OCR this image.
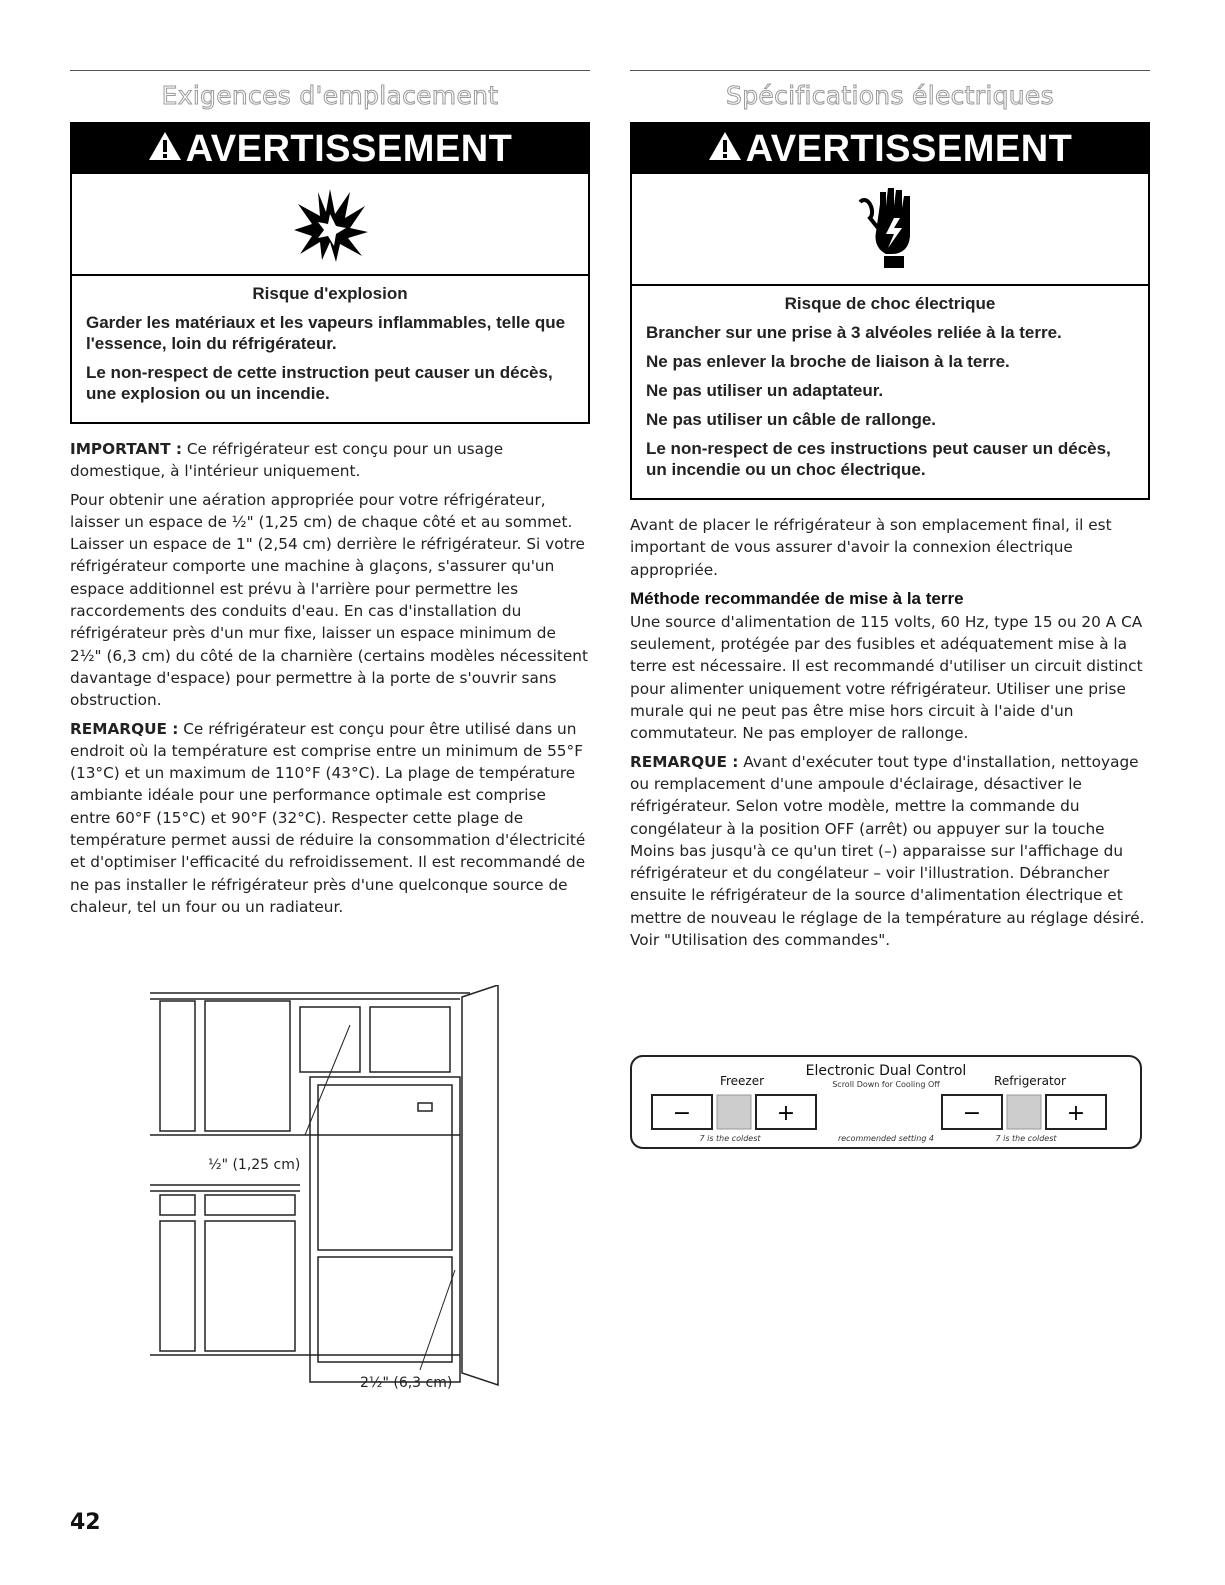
Exigences d'emplacement
AVERTISSEMENT
Risque d'explosion

Garder les matériaux et les vapeurs inflammables, telle que l'essence, loin du réfrigérateur.

Le non-respect de cette instruction peut causer un décès, une explosion ou un incendie.

IMPORTANT : Ce réfrigérateur est conçu pour un usage domestique, à l'intérieur uniquement.

Pour obtenir une aération appropriée pour votre réfrigérateur, laisser un espace de ½" (1,25 cm) de chaque côté et au sommet. Laisser un espace de 1" (2,54 cm) derrière le réfrigérateur. Si votre réfrigérateur comporte une machine à glaçons, s'assurer qu'un espace additionnel est prévu à l'arrière pour permettre les raccordements des conduits d'eau. En cas d'installation du réfrigérateur près d'un mur fixe, laisser un espace minimum de 2½" (6,3 cm) du côté de la charnière (certains modèles nécessitent davantage d'espace) pour permettre à la porte de s'ouvrir sans obstruction.

REMARQUE : Ce réfrigérateur est conçu pour être utilisé dans un endroit où la température est comprise entre un minimum de 55°F (13°C) et un maximum de 110°F (43°C). La plage de température ambiante idéale pour une performance optimale est comprise entre 60°F (15°C) et 90°F (32°C). Respecter cette plage de température permet aussi de réduire la consommation d'électricité et d'optimiser l'efficacité du refroidissement. Il est recommandé de ne pas installer le réfrigérateur près d'une quelconque source de chaleur, tel un four ou un radiateur.

½" (1,25 cm)
2½" (6,3 cm)
Spécifications électriques
AVERTISSEMENT
Risque de choc électrique

Brancher sur une prise à 3 alvéoles reliée à la terre.

Ne pas enlever la broche de liaison à la terre.

Ne pas utiliser un adaptateur.

Ne pas utiliser un câble de rallonge.

Le non-respect de ces instructions peut causer un décès, un incendie ou un choc électrique.

Avant de placer le réfrigérateur à son emplacement final, il est important de vous assurer d'avoir la connexion électrique appropriée.

Méthode recommandée de mise à la terre

Une source d'alimentation de 115 volts, 60 Hz, type 15 ou 20 A CA seulement, protégée par des fusibles et adéquatement mise à la terre est nécessaire. Il est recommandé d'utiliser un circuit distinct pour alimenter uniquement votre réfrigérateur. Utiliser une prise murale qui ne peut pas être mise hors circuit à l'aide d'un commutateur. Ne pas employer de rallonge.

REMARQUE : Avant d'exécuter tout type d'installation, nettoyage ou remplacement d'une ampoule d'éclairage, désactiver le réfrigérateur. Selon votre modèle, mettre la commande du congélateur à la position OFF (arrêt) ou appuyer sur la touche Moins bas jusqu'à ce qu'un tiret (–) apparaisse sur l'affichage du réfrigérateur et du congélateur – voir l'illustration. Débrancher ensuite le réfrigérateur de la source d'alimentation électrique et mettre de nouveau le réglage de la température au réglage désiré. Voir "Utilisation des commandes".

Electronic Dual Control
Scroll Down for Cooling Off
Freezer	Refrigerator
−	+	−	+
7 is the coldest	recommended setting 4	7 is the coldest
42
